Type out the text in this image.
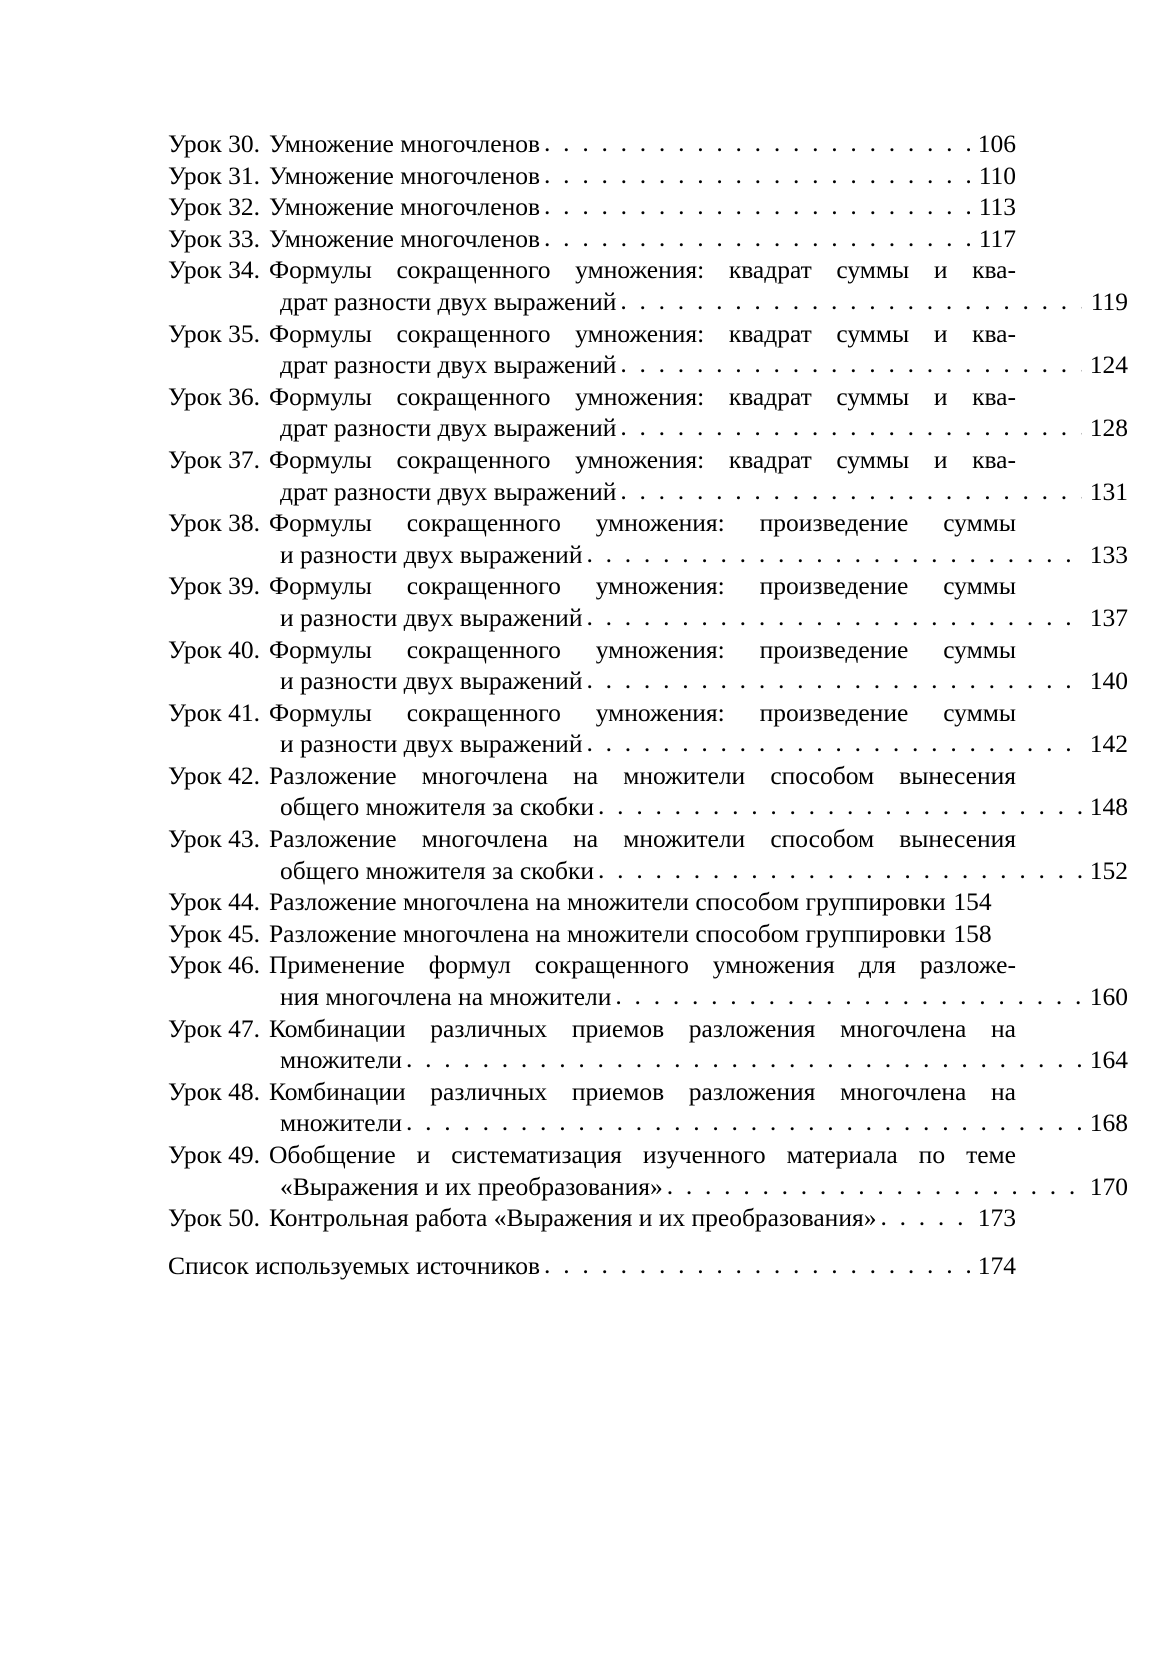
Урок 30. Умножение многочленов . . .	106
Урок 31. Умножение многочленов . . .	110
Урок 32. Умножение многочленов . . .	113
Урок 33. Умножение многочленов . . .	117
Урок 34. Формулы сокращенного умножения: квадрат суммы и ква-
драт разности двух выражений . . .	119
Урок 35. Формулы сокращенного умножения: квадрат суммы и ква-
драт разности двух выражений . . .	124
Урок 36. Формулы сокращенного умножения: квадрат суммы и ква-
драт разности двух выражений . . .	128
Урок 37. Формулы сокращенного умножения: квадрат суммы и ква-
драт разности двух выражений . . .	131
Урок 38. Формулы сокращенного умножения: произведение суммы
и разности двух выражений . . .	133
Урок 39. Формулы сокращенного умножения: произведение суммы
и разности двух выражений . . .	137
Урок 40. Формулы сокращенного умножения: произведение суммы
и разности двух выражений . . .	140
Урок 41. Формулы сокращенного умножения: произведение суммы
и разности двух выражений . . .	142
Урок 42. Разложение многочлена на множители способом вынесения
общего множителя за скобки . . .	148
Урок 43. Разложение многочлена на множители способом вынесения
общего множителя за скобки . . .	152
Урок 44. Разложение многочлена на множители способом группировки 154
Урок 45. Разложение многочлена на множители способом группировки 158
Урок 46. Применение формул сокращенного умножения для разложе-
ния многочлена на множители . . .	160
Урок 47. Комбинации различных приемов разложения многочлена на
множители . . .	164
Урок 48. Комбинации различных приемов разложения многочлена на
множители . . .	168
Урок 49. Обобщение и систематизация изученного материала по теме
«Выражения и их преобразования» . . .	170
Урок 50. Контрольная работа «Выражения и их преобразования» . . .	173
Список используемых источников . . .	174
